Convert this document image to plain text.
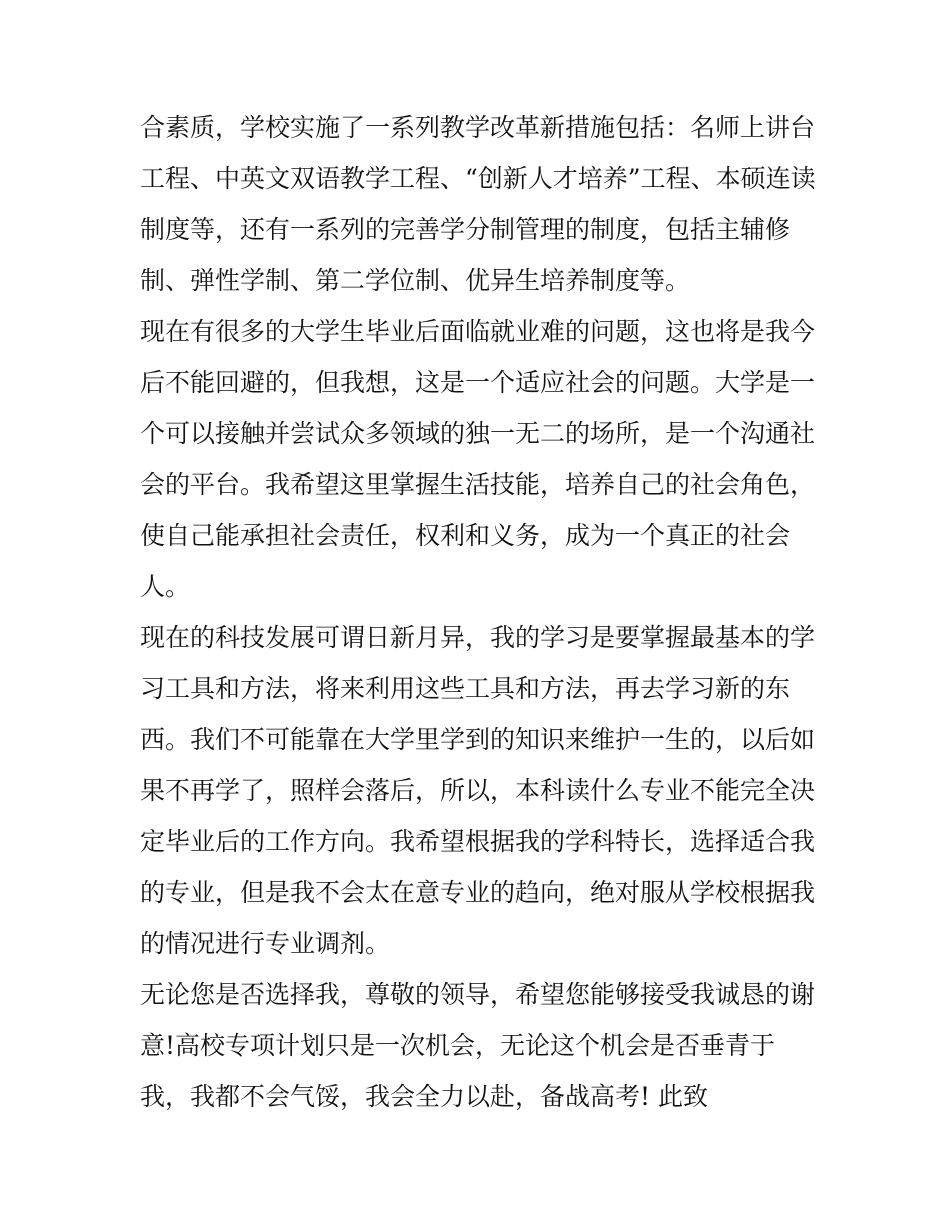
合素质，学校实施了一系列教学改革新措施包括：名师上讲台
工程、中英文双语教学工程、“创新人才培养”工程、本硕连读
制度等，还有一系列的完善学分制管理的制度，包括主辅修
制、弹性学制、第二学位制、优异生培养制度等。
现在有很多的大学生毕业后面临就业难的问题，这也将是我今
后不能回避的，但我想，这是一个适应社会的问题。大学是一
个可以接触并尝试众多领域的独一无二的场所，是一个沟通社
会的平台。我希望这里掌握生活技能，培养自己的社会角色，
使自己能承担社会责任，权利和义务，成为一个真正的社会
人。
现在的科技发展可谓日新月异，我的学习是要掌握最基本的学
习工具和方法，将来利用这些工具和方法，再去学习新的东
西。我们不可能靠在大学里学到的知识来维护一生的，以后如
果不再学了，照样会落后，所以，本科读什么专业不能完全决
定毕业后的工作方向。我希望根据我的学科特长，选择适合我
的专业，但是我不会太在意专业的趋向，绝对服从学校根据我
的情况进行专业调剂。
无论您是否选择我，尊敬的领导，希望您能够接受我诚恳的谢
意!高校专项计划只是一次机会，无论这个机会是否垂青于
我，我都不会气馁，我会全力以赴，备战高考! 此致
